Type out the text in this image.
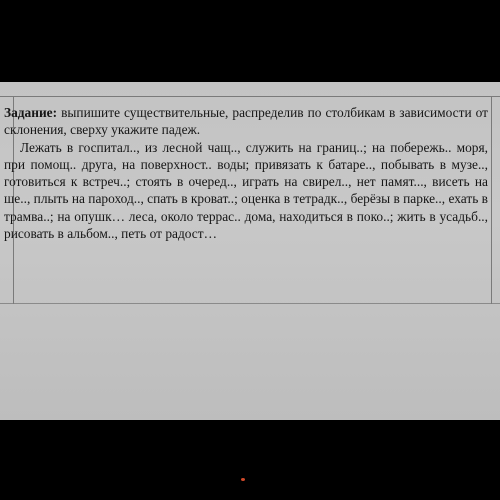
Задание: выпишите существительные, распределив по столбикам в зависимости от склонения, сверху укажите падеж.

Лежать в госпитал.., из лесной чащ.., служить на границ..; на побережь.. моря, при помощ.. друга, на поверхност.. воды; привязать к батаре.., побывать в музе.., готовиться к встреч..; стоять в очеред.., играть на свирел.., нет памят..., висеть на ше.., плыть на пароход.., спать в кроват..; оценка в тетрадк.., берёзы в парке.., ехать в трамва..; на опушк… леса, около террас.. дома, находиться в поко..; жить в усадьб.., рисовать в альбом.., петь от радост…
